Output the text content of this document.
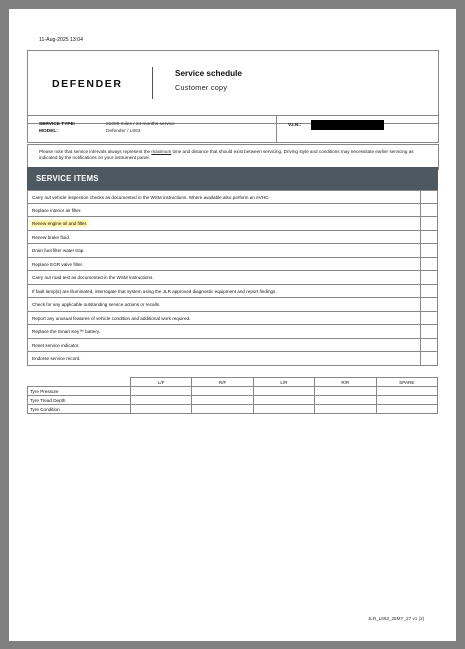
11-Aug-2025 13:04
DEFENDER
Service schedule
Customer copy
SERVICE TYPE:	21000 miles / 24 months service
MODEL:	Defender / L663
V.I.N.:
Please note that service intervals always represent the maximum time and distance that should exist between servicing. Driving style and conditions may necessitate earlier servicing as indicated by the notifications on your instrument panel.
SERVICE ITEMS
Carry out vehicle inspection checks as documented in the WSM instructions. Where available also perform an eVHC.
Replace interior air filter.
Renew engine oil and filter.
Renew brake fluid.
Drain fuel filter water trap.
Replace EGR valve filter.
Carry out road test as documented in the WSM instructions.
If fault lamp(s) are illuminated, interrogate that system using the JLR approved diagnostic equipment and report findings.
Check for any applicable outstanding service actions or recalls.
Report any unusual features of vehicle condition and additional work required.
Replace the Smart Key™ battery.
Reset service indicator.
Endorse service record.
	L/F	R/F	L/R	R/R	SPARE
Tyre Pressure					
Tyre Tread Depth					
Tyre Condition					
JLR_L663_25MY_27 v1 (2)
